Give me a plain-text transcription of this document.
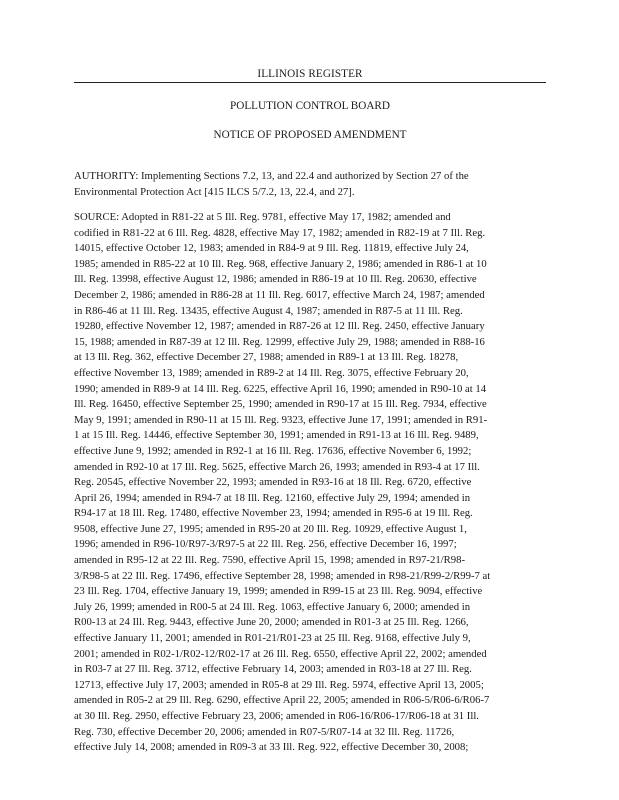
ILLINOIS REGISTER
POLLUTION CONTROL BOARD
NOTICE OF PROPOSED AMENDMENT
AUTHORITY: Implementing Sections 7.2, 13, and 22.4 and authorized by Section 27 of the
Environmental Protection Act [415 ILCS 5/7.2, 13, 22.4, and 27].
SOURCE: Adopted in R81-22 at 5 Ill. Reg. 9781, effective May 17, 1982; amended and
codified in R81-22 at 6 Ill. Reg. 4828, effective May 17, 1982; amended in R82-19 at 7 Ill. Reg.
14015, effective October 12, 1983; amended in R84-9 at 9 Ill. Reg. 11819, effective July 24,
1985; amended in R85-22 at 10 Ill. Reg. 968, effective January 2, 1986; amended in R86-1 at 10
Ill. Reg. 13998, effective August 12, 1986; amended in R86-19 at 10 Ill. Reg. 20630, effective
December 2, 1986; amended in R86-28 at 11 Ill. Reg. 6017, effective March 24, 1987; amended
in R86-46 at 11 Ill. Reg. 13435, effective August 4, 1987; amended in R87-5 at 11 Ill. Reg.
19280, effective November 12, 1987; amended in R87-26 at 12 Ill. Reg. 2450, effective January
15, 1988; amended in R87-39 at 12 Ill. Reg. 12999, effective July 29, 1988; amended in R88-16
at 13 Ill. Reg. 362, effective December 27, 1988; amended in R89-1 at 13 Ill. Reg. 18278,
effective November 13, 1989; amended in R89-2 at 14 Ill. Reg. 3075, effective February 20,
1990; amended in R89-9 at 14 Ill. Reg. 6225, effective April 16, 1990; amended in R90-10 at 14
Ill. Reg. 16450, effective September 25, 1990; amended in R90-17 at 15 Ill. Reg. 7934, effective
May 9, 1991; amended in R90-11 at 15 Ill. Reg. 9323, effective June 17, 1991; amended in R91-
1 at 15 Ill. Reg. 14446, effective September 30, 1991; amended in R91-13 at 16 Ill. Reg. 9489,
effective June 9, 1992; amended in R92-1 at 16 Ill. Reg. 17636, effective November 6, 1992;
amended in R92-10 at 17 Ill. Reg. 5625, effective March 26, 1993; amended in R93-4 at 17 Ill.
Reg. 20545, effective November 22, 1993; amended in R93-16 at 18 Ill. Reg. 6720, effective
April 26, 1994; amended in R94-7 at 18 Ill. Reg. 12160, effective July 29, 1994; amended in
R94-17 at 18 Ill. Reg. 17480, effective November 23, 1994; amended in R95-6 at 19 Ill. Reg.
9508, effective June 27, 1995; amended in R95-20 at 20 Ill. Reg. 10929, effective August 1,
1996; amended in R96-10/R97-3/R97-5 at 22 Ill. Reg. 256, effective December 16, 1997;
amended in R95-12 at 22 Ill. Reg. 7590, effective April 15, 1998; amended in R97-21/R98-
3/R98-5 at 22 Ill. Reg. 17496, effective September 28, 1998; amended in R98-21/R99-2/R99-7 at
23 Ill. Reg. 1704, effective January 19, 1999; amended in R99-15 at 23 Ill. Reg. 9094, effective
July 26, 1999; amended in R00-5 at 24 Ill. Reg. 1063, effective January 6, 2000; amended in
R00-13 at 24 Ill. Reg. 9443, effective June 20, 2000; amended in R01-3 at 25 Ill. Reg. 1266,
effective January 11, 2001; amended in R01-21/R01-23 at 25 Ill. Reg. 9168, effective July 9,
2001; amended in R02-1/R02-12/R02-17 at 26 Ill. Reg. 6550, effective April 22, 2002; amended
in R03-7 at 27 Ill. Reg. 3712, effective February 14, 2003; amended in R03-18 at 27 Ill. Reg.
12713, effective July 17, 2003; amended in R05-8 at 29 Ill. Reg. 5974, effective April 13, 2005;
amended in R05-2 at 29 Ill. Reg. 6290, effective April 22, 2005; amended in R06-5/R06-6/R06-7
at 30 Ill. Reg. 2950, effective February 23, 2006; amended in R06-16/R06-17/R06-18 at 31 Ill.
Reg. 730, effective December 20, 2006; amended in R07-5/R07-14 at 32 Ill. Reg. 11726,
effective July 14, 2008; amended in R09-3 at 33 Ill. Reg. 922, effective December 30, 2008;
